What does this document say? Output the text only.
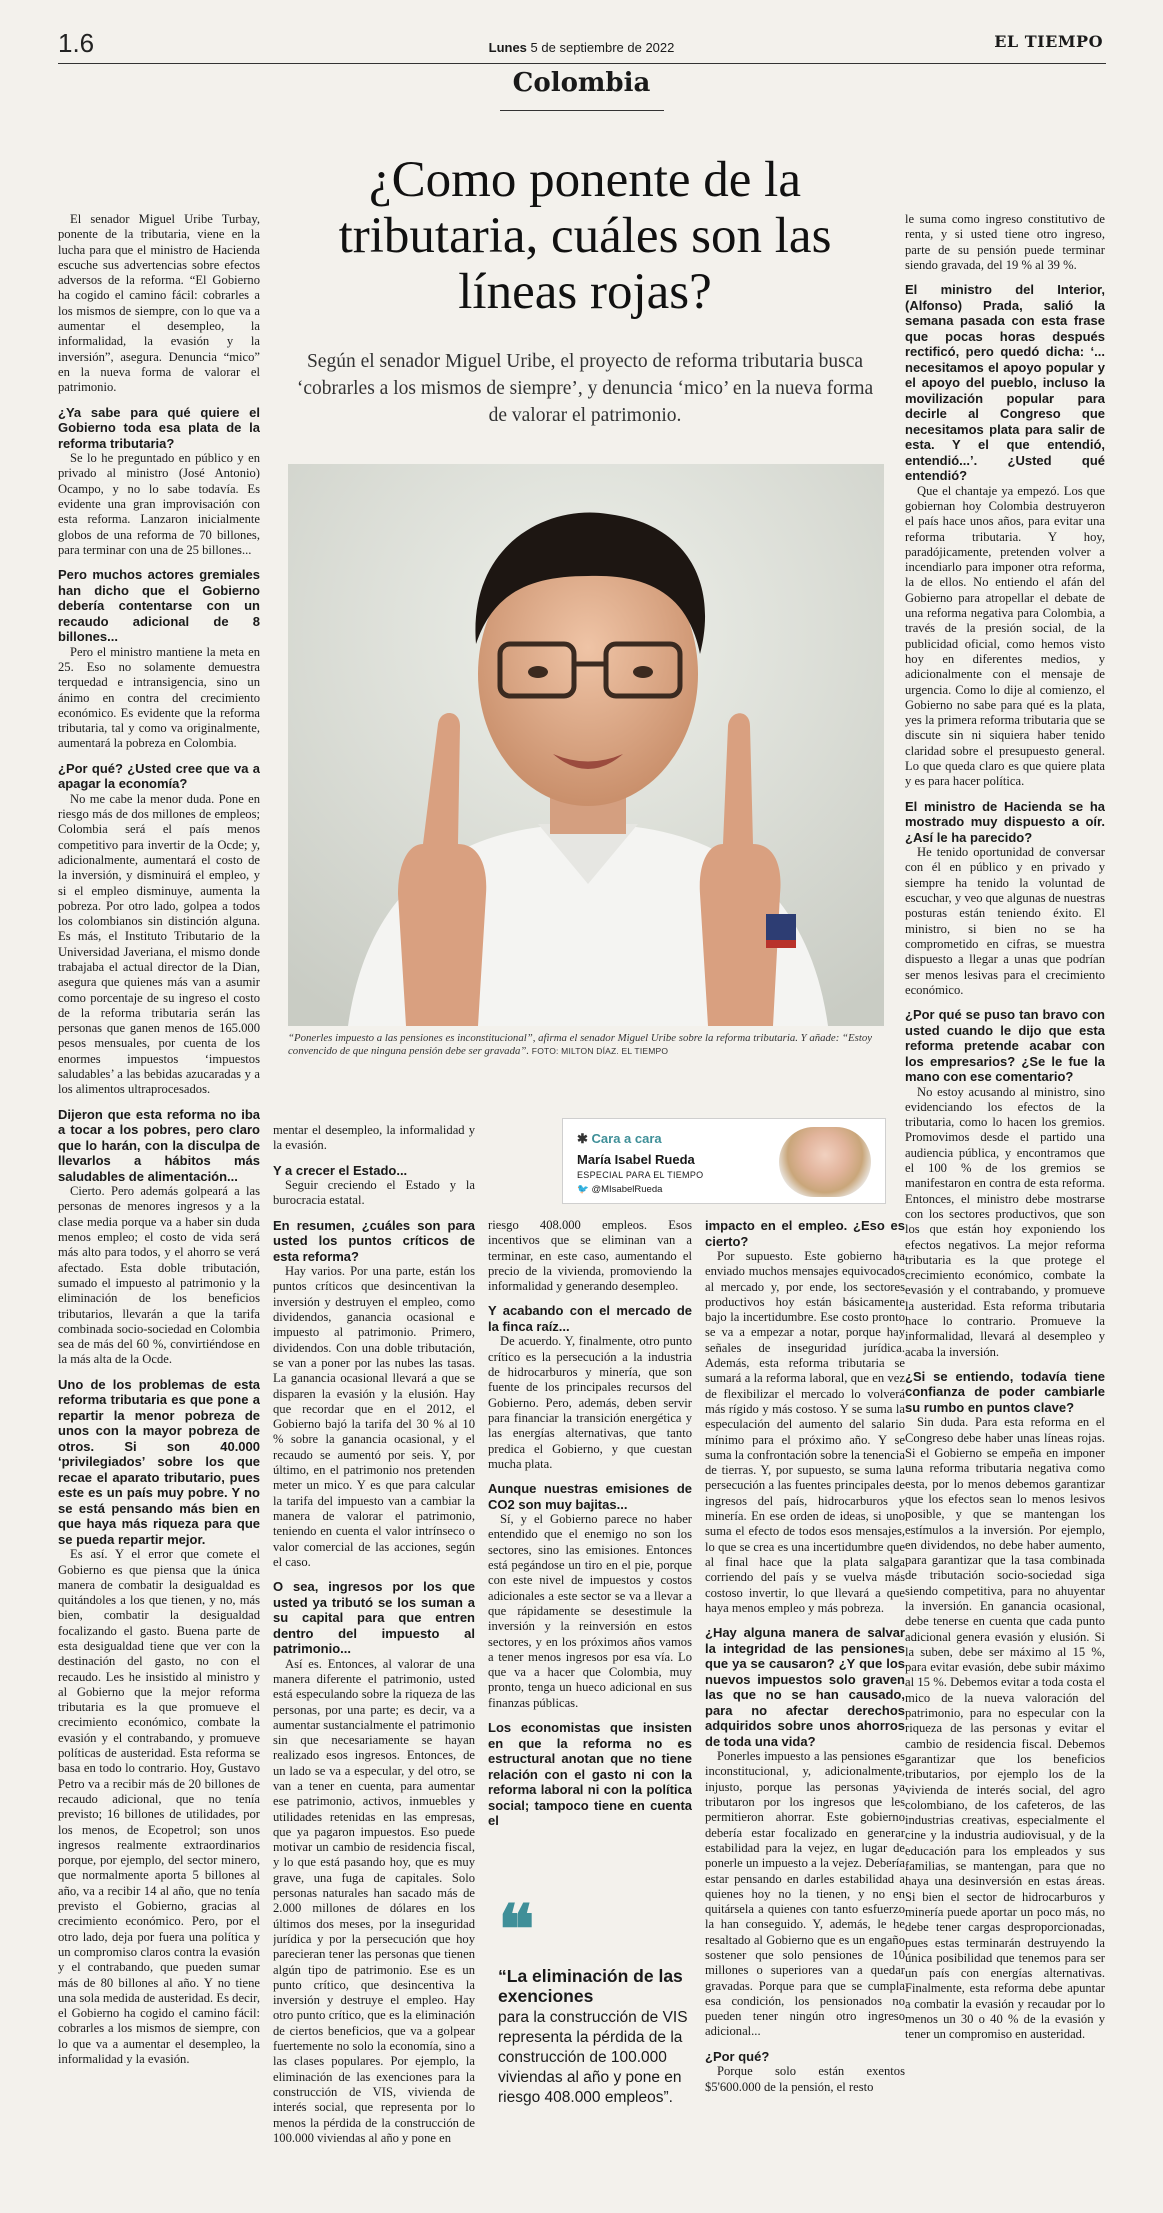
1.6	Lunes 5 de septiembre de 2022	EL TIEMPO
Colombia
¿Como ponente de la tributaria, cuáles son las líneas rojas?
Según el senador Miguel Uribe, el proyecto de reforma tributaria busca ‘cobrarles a los mismos de siempre’, y denuncia ‘mico’ en la nueva forma de valorar el patrimonio.

El senador Miguel Uribe Turbay, ponente de la tributaria, viene en la lucha para que el ministro de Hacienda escuche sus advertencias sobre efectos adversos de la reforma. “El Gobierno ha cogido el camino fácil: cobrarles a los mismos de siempre, con lo que va a aumentar el desempleo, la informalidad, la evasión y la inversión”, asegura. Denuncia “mico” en la nueva forma de valorar el patrimonio.

¿Ya sabe para qué quiere el Gobierno toda esa plata de la reforma tributaria?

Se lo he preguntado en público y en privado al ministro (José Antonio) Ocampo, y no lo sabe todavía. Es evidente una gran improvisación con esta reforma. Lanzaron inicialmente globos de una reforma de 70 billones, para terminar con una de 25 billones...

Pero muchos actores gremiales han dicho que el Gobierno debería contentarse con un recaudo adicional de 8 billones...

Pero el ministro mantiene la meta en 25. Eso no solamente demuestra terquedad e intransigencia, sino un ánimo en contra del crecimiento económico. Es evidente que la reforma tributaria, tal y como va originalmente, aumentará la pobreza en Colombia.

¿Por qué? ¿Usted cree que va a apagar la economía?

No me cabe la menor duda. Pone en riesgo más de dos millones de empleos; Colombia será el país menos competitivo para invertir de la Ocde; y, adicionalmente, aumentará el costo de la inversión, y disminuirá el empleo, y si el empleo disminuye, aumenta la pobreza. Por otro lado, golpea a todos los colombianos sin distinción alguna. Es más, el Instituto Tributario de la Universidad Javeriana, el mismo donde trabajaba el actual director de la Dian, asegura que quienes más van a asumir como porcentaje de su ingreso el costo de la reforma tributaria serán las personas que ganen menos de 165.000 pesos mensuales, por cuenta de los enormes impuestos ‘impuestos saludables’ a las bebidas azucaradas y a los alimentos ultraprocesados.

Dijeron que esta reforma no iba a tocar a los pobres, pero claro que lo harán, con la disculpa de llevarlos a hábitos más saludables de alimentación...

Cierto. Pero además golpeará a las personas de menores ingresos y a la clase media porque va a haber sin duda menos empleo; el costo de vida será más alto para todos, y el ahorro se verá afectado. Esta doble tributación, sumado el impuesto al patrimonio y la eliminación de los beneficios tributarios, llevarán a que la tarifa combinada socio-sociedad en Colombia sea de más del 60 %, convirtiéndose en la más alta de la Ocde.

Uno de los problemas de esta reforma tributaria es que pone a repartir la menor pobreza de unos con la mayor pobreza de otros. Si son 40.000 ‘privilegiados’ sobre los que recae el aparato tributario, pues este es un país muy pobre. Y no se está pensando más bien en que haya más riqueza para que se pueda repartir mejor.

Es así. Y el error que comete el Gobierno es que piensa que la única manera de combatir la desigualdad es quitándoles a los que tienen, y no, más bien, combatir la desigualdad focalizando el gasto. Buena parte de esta desigualdad tiene que ver con la destinación del gasto, no con el recaudo. Les he insistido al ministro y al Gobierno que la mejor reforma tributaria es la que promueve el crecimiento económico, combate la evasión y el contrabando, y promueve políticas de austeridad. Esta reforma se basa en todo lo contrario. Hoy, Gustavo Petro va a recibir más de 20 billones de recaudo adicional, que no tenía previsto; 16 billones de utilidades, por los menos, de Ecopetrol; son unos ingresos realmente extraordinarios porque, por ejemplo, del sector minero, que normalmente aporta 5 billones al año, va a recibir 14 al año, que no tenía previsto el Gobierno, gracias al crecimiento económico. Pero, por el otro lado, deja por fuera una política y un compromiso claros contra la evasión y el contrabando, que pueden sumar más de 80 billones al año. Y no tiene una sola medida de austeridad. Es decir, el Gobierno ha cogido el camino fácil: cobrarles a los mismos de siempre, con lo que va a aumentar el desempleo, la informalidad y la evasión.

“Ponerles impuesto a las pensiones es inconstitucional”, afirma el senador Miguel Uribe sobre la reforma tributaria. Y añade: “Estoy convencido de que ninguna pensión debe ser gravada”. FOTO: MILTON DÍAZ. EL TIEMPO

mentar el desempleo, la informalidad y la evasión.

Y a crecer el Estado...

Seguir creciendo el Estado y la burocracia estatal.

En resumen, ¿cuáles son para usted los puntos críticos de esta reforma?

Hay varios. Por una parte, están los puntos críticos que desincentivan la inversión y destruyen el empleo, como dividendos, ganancia ocasional e impuesto al patrimonio. Primero, dividendos. Con una doble tributación, se van a poner por las nubes las tasas. La ganancia ocasional llevará a que se disparen la evasión y la elusión. Hay que recordar que en el 2012, el Gobierno bajó la tarifa del 30 % al 10 % sobre la ganancia ocasional, y el recaudo se aumentó por seis. Y, por último, en el patrimonio nos pretenden meter un mico. Y es que para calcular la tarifa del impuesto van a cambiar la manera de valorar el patrimonio, teniendo en cuenta el valor intrínseco o valor comercial de las acciones, según el caso.

O sea, ingresos por los que usted ya tributó se los suman a su capital para que entren dentro del impuesto al patrimonio...

Así es. Entonces, al valorar de una manera diferente el patrimonio, usted está especulando sobre la riqueza de las personas, por una parte; es decir, va a aumentar sustancialmente el patrimonio sin que necesariamente se hayan realizado esos ingresos. Entonces, de un lado se va a especular, y del otro, se van a tener en cuenta, para aumentar ese patrimonio, activos, inmuebles y utilidades retenidas en las empresas, que ya pagaron impuestos. Eso puede motivar un cambio de residencia fiscal, y lo que está pasando hoy, que es muy grave, una fuga de capitales. Solo personas naturales han sacado más de 2.000 millones de dólares en los últimos dos meses, por la inseguridad jurídica y por la persecución que hoy parecieran tener las personas que tienen algún tipo de patrimonio. Ese es un punto crítico, que desincentiva la inversión y destruye el empleo. Hay otro punto crítico, que es la eliminación de ciertos beneficios, que va a golpear fuertemente no solo la economía, sino a las clases populares. Por ejemplo, la eliminación de las exenciones para la construcción de VIS, vivienda de interés social, que representa por lo menos la pérdida de la construcción de 100.000 viviendas al año y pone en

riesgo 408.000 empleos. Esos incentivos que se eliminan van a terminar, en este caso, aumentando el precio de la vivienda, promoviendo la informalidad y generando desempleo.

Y acabando con el mercado de la finca raíz...

De acuerdo. Y, finalmente, otro punto crítico es la persecución a la industria de hidrocarburos y minería, que son fuente de los principales recursos del Gobierno. Pero, además, deben servir para financiar la transición energética y las energías alternativas, que tanto predica el Gobierno, y que cuestan mucha plata.

Aunque nuestras emisiones de CO2 son muy bajitas...

Sí, y el Gobierno parece no haber entendido que el enemigo no son los sectores, sino las emisiones. Entonces está pegándose un tiro en el pie, porque con este nivel de impuestos y costos adicionales a este sector se va a llevar a que rápidamente se desestimule la inversión y la reinversión en estos sectores, y en los próximos años vamos a tener menos ingresos por esa vía. Lo que va a hacer que Colombia, muy pronto, tenga un hueco adicional en sus finanzas públicas.

Los economistas que insisten en que la reforma no es estructural anotan que no tiene relación con el gasto ni con la reforma laboral ni con la política social; tampoco tiene en cuenta el

impacto en el empleo. ¿Eso es cierto?

Por supuesto. Este gobierno ha enviado muchos mensajes equivocados al mercado y, por ende, los sectores productivos hoy están básicamente bajo la incertidumbre. Ese costo pronto se va a empezar a notar, porque hay señales de inseguridad jurídica. Además, esta reforma tributaria se sumará a la reforma laboral, que en vez de flexibilizar el mercado lo volverá más rígido y más costoso. Y se suma la especulación del aumento del salario mínimo para el próximo año. Y se suma la confrontación sobre la tenencia de tierras. Y, por supuesto, se suma la persecución a las fuentes principales de ingresos del país, hidrocarburos y minería. En ese orden de ideas, si uno suma el efecto de todos esos mensajes, lo que se crea es una incertidumbre que al final hace que la plata salga corriendo del país y se vuelva más costoso invertir, lo que llevará a que haya menos empleo y más pobreza.

¿Hay alguna manera de salvar la integridad de las pensiones que ya se causaron? ¿Y que los nuevos impuestos solo graven las que no se han causado, para no afectar derechos adquiridos sobre unos ahorros de toda una vida?

Ponerles impuesto a las pensiones es inconstitucional, y, adicionalmente, injusto, porque las personas ya tributaron por los ingresos que les permitieron ahorrar. Este gobierno debería estar focalizado en generar estabilidad para la vejez, en lugar de ponerle un impuesto a la vejez. Debería estar pensando en darles estabilidad a quienes hoy no la tienen, y no en quitársela a quienes con tanto esfuerzo la han conseguido. Y, además, le he resaltado al Gobierno que es un engaño sostener que solo pensiones de 10 millones o superiores van a quedar gravadas. Porque para que se cumpla esa condición, los pensionados no pueden tener ningún otro ingreso adicional...

¿Por qué?

Porque solo están exentos $5'600.000 de la pensión, el resto

✱ Cara a cara
María Isabel Rueda
ESPECIAL PARA EL TIEMPO
🐦 @MIsabelRueda
❝
“La eliminación de las exenciones
para la construcción de VIS representa la pérdida de la construcción de 100.000 viviendas al año y pone en riesgo 408.000 empleos”.

le suma como ingreso constitutivo de renta, y si usted tiene otro ingreso, parte de su pensión puede terminar siendo gravada, del 19 % al 39 %.

El ministro del Interior, (Alfonso) Prada, salió la semana pasada con esta frase que pocas horas después rectificó, pero quedó dicha: ‘... necesitamos el apoyo popular y el apoyo del pueblo, incluso la movilización popular para decirle al Congreso que necesitamos plata para salir de esta. Y el que entendió, entendió...’. ¿Usted qué entendió?

Que el chantaje ya empezó. Los que gobiernan hoy Colombia destruyeron el país hace unos años, para evitar una reforma tributaria. Y hoy, paradójicamente, pretenden volver a incendiarlo para imponer otra reforma, la de ellos. No entiendo el afán del Gobierno para atropellar el debate de una reforma negativa para Colombia, a través de la presión social, de la publicidad oficial, como hemos visto hoy en diferentes medios, y adicionalmente con el mensaje de urgencia. Como lo dije al comienzo, el Gobierno no sabe para qué es la plata, yes la primera reforma tributaria que se discute sin ni siquiera haber tenido claridad sobre el presupuesto general. Lo que queda claro es que quiere plata y es para hacer política.

El ministro de Hacienda se ha mostrado muy dispuesto a oír. ¿Así le ha parecido?

He tenido oportunidad de conversar con él en público y en privado y siempre ha tenido la voluntad de escuchar, y veo que algunas de nuestras posturas están teniendo éxito. El ministro, si bien no se ha comprometido en cifras, se muestra dispuesto a llegar a unas que podrían ser menos lesivas para el crecimiento económico.

¿Por qué se puso tan bravo con usted cuando le dijo que esta reforma pretende acabar con los empresarios? ¿Se le fue la mano con ese comentario?

No estoy acusando al ministro, sino evidenciando los efectos de la tributaria, como lo hacen los gremios. Promovimos desde el partido una audiencia pública, y encontramos que el 100 % de los gremios se manifestaron en contra de esta reforma. Entonces, el ministro debe mostrarse con los sectores productivos, que son los que están hoy exponiendo los efectos negativos. La mejor reforma tributaria es la que protege el crecimiento económico, combate la evasión y el contrabando, y promueve la austeridad. Esta reforma tributaria hace lo contrario. Promueve la informalidad, llevará al desempleo y acaba la inversión.

¿Si se entiendo, todavía tiene confianza de poder cambiarle su rumbo en puntos clave?

Sin duda. Para esta reforma en el Congreso debe haber unas líneas rojas. Si el Gobierno se empeña en imponer una reforma tributaria negativa como esta, por lo menos debemos garantizar que los efectos sean lo menos lesivos posible, y que se mantengan los estímulos a la inversión. Por ejemplo, en dividendos, no debe haber aumento, para garantizar que la tasa combinada de tributación socio-sociedad siga siendo competitiva, para no ahuyentar la inversión. En ganancia ocasional, debe tenerse en cuenta que cada punto adicional genera evasión y elusión. Si la suben, debe ser máximo al 15 %, para evitar evasión, debe subir máximo al 15 %. Debemos evitar a toda costa el mico de la nueva valoración del patrimonio, para no especular con la riqueza de las personas y evitar el cambio de residencia fiscal. Debemos garantizar que los beneficios tributarios, por ejemplo los de la vivienda de interés social, del agro colombiano, de los cafeteros, de las industrias creativas, especialmente el cine y la industria audiovisual, y de la educación para los empleados y sus familias, se mantengan, para que no haya una desinversión en estas áreas. Si bien el sector de hidrocarburos y minería puede aportar un poco más, no debe tener cargas desproporcionadas, pues estas terminarán destruyendo la única posibilidad que tenemos para ser un país con energías alternativas. Finalmente, esta reforma debe apuntar a combatir la evasión y recaudar por lo menos un 30 o 40 % de la evasión y tener un compromiso en austeridad.
